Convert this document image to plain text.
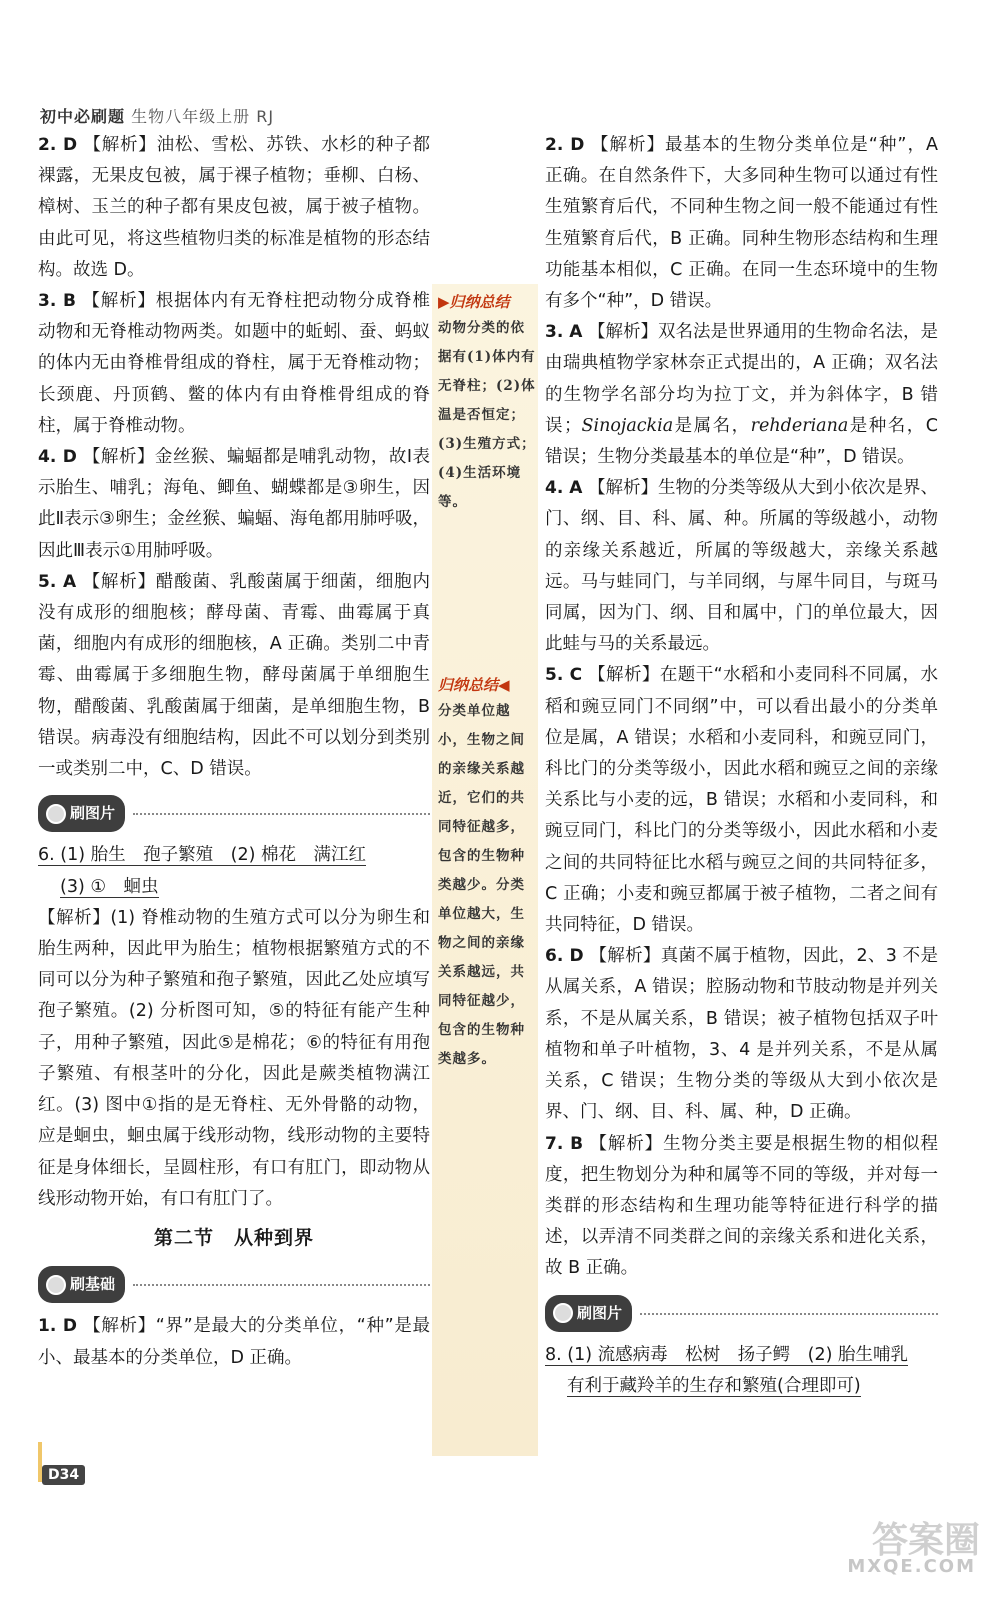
初中必刷题 生物八年级上册 RJ
▶归纳总结
动物分类的依据有(1)体内有无脊柱；(2)体温是否恒定；(3)生殖方式；(4)生活环境等。
归纳总结◀
分类单位越小，生物之间的亲缘关系越近，它们的共同特征越多，包含的生物种类越少。分类单位越大，生物之间的亲缘关系越远，共同特征越少，包含的生物种类越多。

2. D 【解析】油松、雪松、苏铁、水杉的种子都裸露，无果皮包被，属于裸子植物；垂柳、白杨、樟树、玉兰的种子都有果皮包被，属于被子植物。由此可见，将这些植物归类的标准是植物的形态结构。故选 D。

3. B 【解析】根据体内有无脊柱把动物分成脊椎动物和无脊椎动物两类。如题中的蚯蚓、蚕、蚂蚁的体内无由脊椎骨组成的脊柱，属于无脊椎动物；长颈鹿、丹顶鹤、鳖的体内有由脊椎骨组成的脊柱，属于脊椎动物。

4. D 【解析】金丝猴、蝙蝠都是哺乳动物，故Ⅰ表示胎生、哺乳；海龟、鲫鱼、蝴蝶都是③卵生，因此Ⅱ表示③卵生；金丝猴、蝙蝠、海龟都用肺呼吸，因此Ⅲ表示①用肺呼吸。

5. A 【解析】醋酸菌、乳酸菌属于细菌，细胞内没有成形的细胞核；酵母菌、青霉、曲霉属于真菌，细胞内有成形的细胞核，A 正确。类别二中青霉、曲霉属于多细胞生物，酵母菌属于单细胞生物，醋酸菌、乳酸菌属于细菌，是单细胞生物，B 错误。病毒没有细胞结构，因此不可以划分到类别一或类别二中，C、D 错误。

刷图片

6. (1) 胎生　孢子繁殖　(2) 棉花　满江红

(3) ①　蛔虫

【解析】(1) 脊椎动物的生殖方式可以分为卵生和胎生两种，因此甲为胎生；植物根据繁殖方式的不同可以分为种子繁殖和孢子繁殖，因此乙处应填写孢子繁殖。(2) 分析图可知，⑤的特征有能产生种子，用种子繁殖，因此⑤是棉花；⑥的特征有用孢子繁殖、有根茎叶的分化，因此是蕨类植物满江红。(3) 图中①指的是无脊柱、无外骨骼的动物，应是蛔虫，蛔虫属于线形动物，线形动物的主要特征是身体细长，呈圆柱形，有口有肛门，即动物从线形动物开始，有口有肛门了。

第二节　从种到界
刷基础

1. D 【解析】“界”是最大的分类单位，“种”是最小、最基本的分类单位，D 正确。

2. D 【解析】最基本的生物分类单位是“种”，A 正确。在自然条件下，大多同种生物可以通过有性生殖繁育后代，不同种生物之间一般不能通过有性生殖繁育后代，B 正确。同种生物形态结构和生理功能基本相似，C 正确。在同一生态环境中的生物有多个“种”，D 错误。

3. A 【解析】双名法是世界通用的生物命名法，是由瑞典植物学家林奈正式提出的，A 正确；双名法的生物学名部分均为拉丁文，并为斜体字，B 错误；Sinojackia是属名，rehderiana是种名，C 错误；生物分类最基本的单位是“种”，D 错误。

4. A 【解析】生物的分类等级从大到小依次是界、门、纲、目、科、属、种。所属的等级越小，动物的亲缘关系越近，所属的等级越大，亲缘关系越远。马与蛙同门，与羊同纲，与犀牛同目，与斑马同属，因为门、纲、目和属中，门的单位最大，因此蛙与马的关系最远。

5. C 【解析】在题干“水稻和小麦同科不同属，水稻和豌豆同门不同纲”中，可以看出最小的分类单位是属，A 错误；水稻和小麦同科，和豌豆同门，科比门的分类等级小，因此水稻和豌豆之间的亲缘关系比与小麦的远，B 错误；水稻和小麦同科，和豌豆同门，科比门的分类等级小，因此水稻和小麦之间的共同特征比水稻与豌豆之间的共同特征多，C 正确；小麦和豌豆都属于被子植物，二者之间有共同特征，D 错误。

6. D 【解析】真菌不属于植物，因此，2、3 不是从属关系，A 错误；腔肠动物和节肢动物是并列关系，不是从属关系，B 错误；被子植物包括双子叶植物和单子叶植物，3、4 是并列关系，不是从属关系，C 错误；生物分类的等级从大到小依次是界、门、纲、目、科、属、种，D 正确。

7. B 【解析】生物分类主要是根据生物的相似程度，把生物划分为种和属等不同的等级，并对每一类群的形态结构和生理功能等特征进行科学的描述，以弄清不同类群之间的亲缘关系和进化关系，故 B 正确。

刷图片

8. (1) 流感病毒　松树　扬子鳄　(2) 胎生哺乳

有利于藏羚羊的生存和繁殖(合理即可)

D34
答案圈
MXQE.COM
